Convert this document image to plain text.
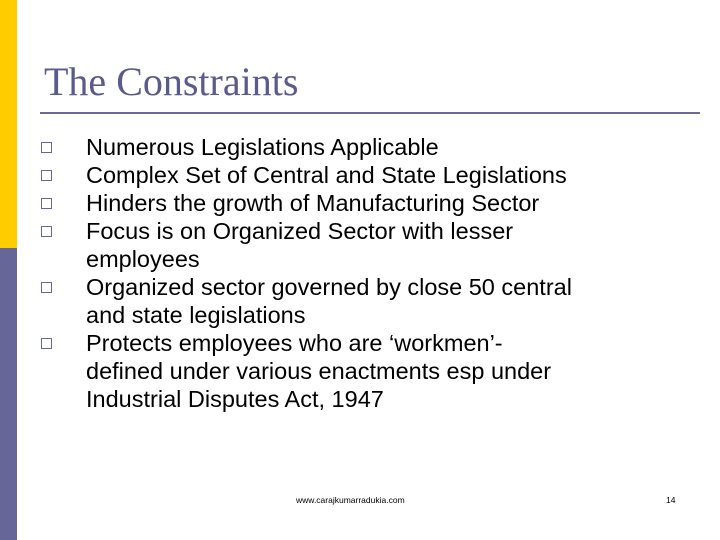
The Constraints
Numerous Legislations Applicable
Complex Set of Central and State Legislations
Hinders the growth of Manufacturing Sector
Focus is on Organized Sector with lesser
employees
Organized sector governed by close 50 central
and state legislations
Protects employees who are ‘workmen’-
defined under various enactments esp under
Industrial Disputes Act, 1947
www.carajkumarradukia.com	14
